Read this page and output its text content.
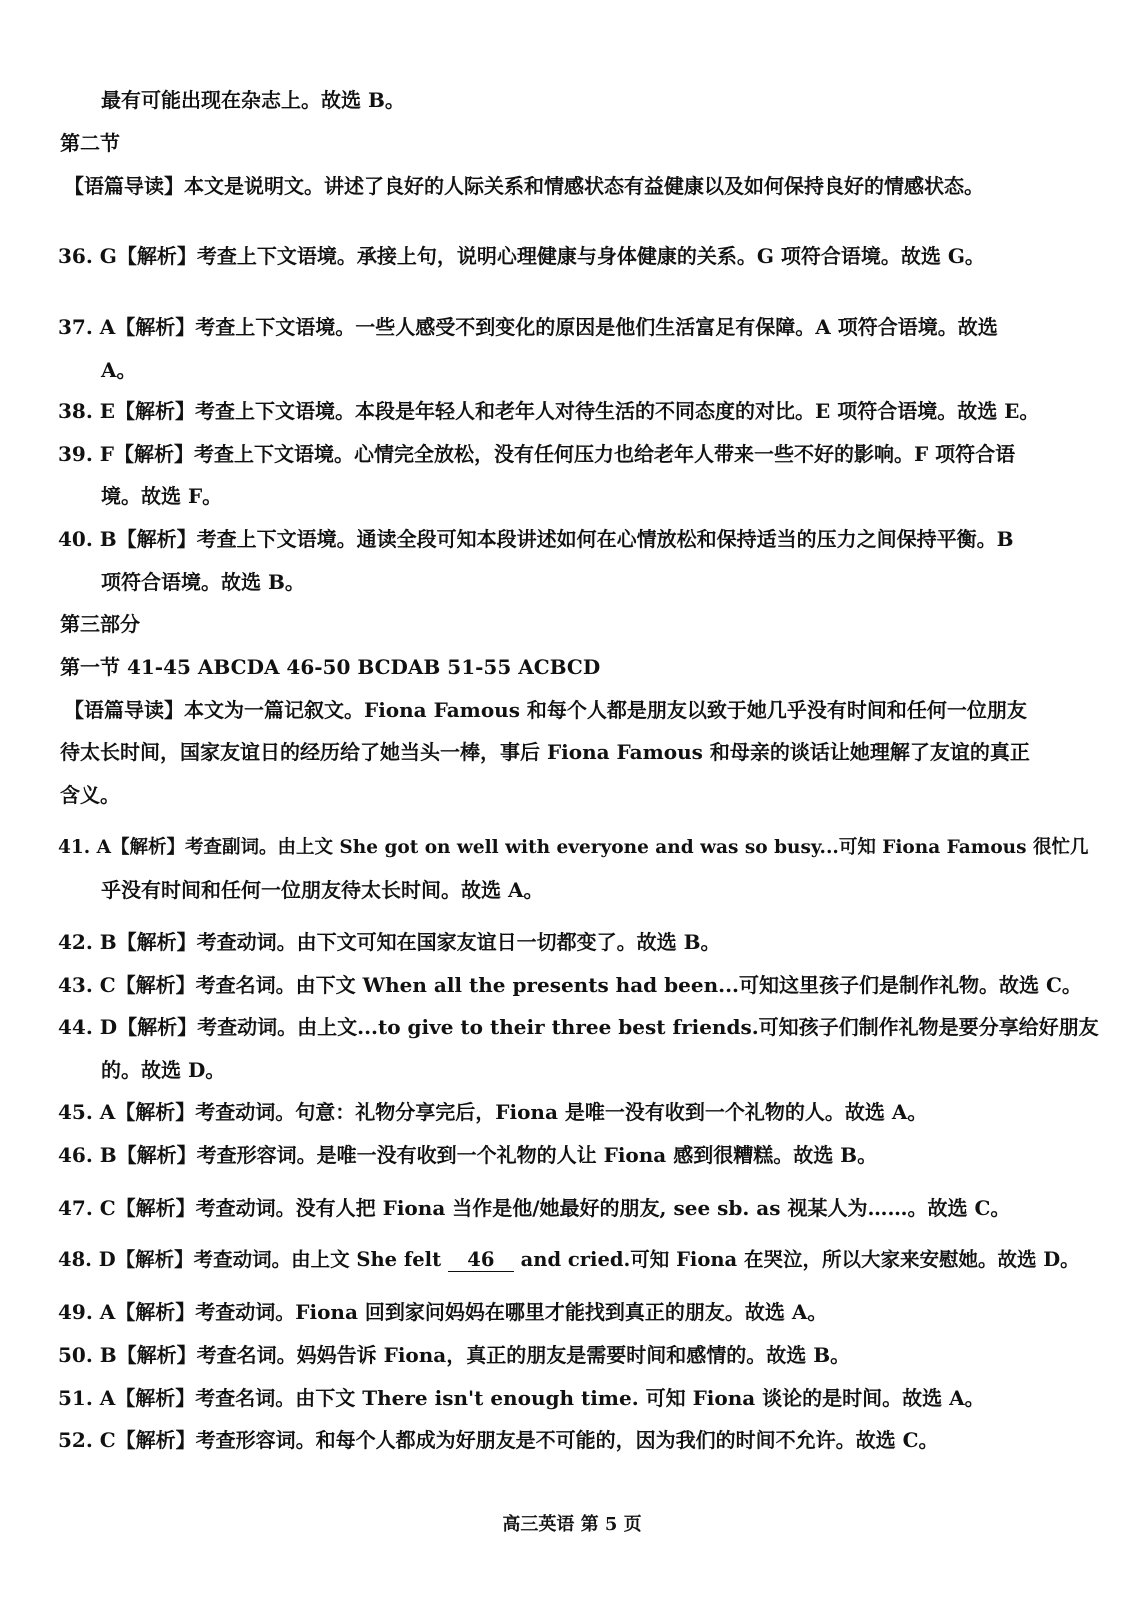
最有可能出现在杂志上。故选 B。
第二节
【语篇导读】本文是说明文。讲述了良好的人际关系和情感状态有益健康以及如何保持良好的情感状态。
36. G【解析】考查上下文语境。承接上句，说明心理健康与身体健康的关系。G 项符合语境。故选 G。
37. A【解析】考查上下文语境。一些人感受不到变化的原因是他们生活富足有保障。A 项符合语境。故选
A。
38. E【解析】考查上下文语境。本段是年轻人和老年人对待生活的不同态度的对比。E 项符合语境。故选 E。
39. F【解析】考查上下文语境。心情完全放松，没有任何压力也给老年人带来一些不好的影响。F 项符合语
境。故选 F。
40. B【解析】考查上下文语境。通读全段可知本段讲述如何在心情放松和保持适当的压力之间保持平衡。B
项符合语境。故选 B。
第三部分
第一节 41-45 ABCDA 46-50 BCDAB 51-55 ACBCD
【语篇导读】本文为一篇记叙文。Fiona Famous 和每个人都是朋友以致于她几乎没有时间和任何一位朋友
待太长时间，国家友谊日的经历给了她当头一棒，事后 Fiona Famous 和母亲的谈话让她理解了友谊的真正
含义。
41. A【解析】考查副词。由上文 She got on well with everyone and was so busy...可知 Fiona Famous 很忙几
乎没有时间和任何一位朋友待太长时间。故选 A。
42. B【解析】考查动词。由下文可知在国家友谊日一切都变了。故选 B。
43. C【解析】考查名词。由下文 When all the presents had been...可知这里孩子们是制作礼物。故选 C。
44. D【解析】考查动词。由上文...to give to their three best friends.可知孩子们制作礼物是要分享给好朋友
的。故选 D。
45. A【解析】考查动词。句意：礼物分享完后，Fiona 是唯一没有收到一个礼物的人。故选 A。
46. B【解析】考查形容词。是唯一没有收到一个礼物的人让 Fiona 感到很糟糕。故选 B。
47. C【解析】考查动词。没有人把 Fiona 当作是他/她最好的朋友, see sb. as 视某人为……。故选 C。
48. D【解析】考查动词。由上文 She felt 46 and cried.可知 Fiona 在哭泣，所以大家来安慰她。故选 D。
49. A【解析】考查动词。Fiona 回到家问妈妈在哪里才能找到真正的朋友。故选 A。
50. B【解析】考查名词。妈妈告诉 Fiona，真正的朋友是需要时间和感情的。故选 B。
51. A【解析】考查名词。由下文 There isn't enough time. 可知 Fiona 谈论的是时间。故选 A。
52. C【解析】考查形容词。和每个人都成为好朋友是不可能的，因为我们的时间不允许。故选 C。
高三英语 第 5 页
